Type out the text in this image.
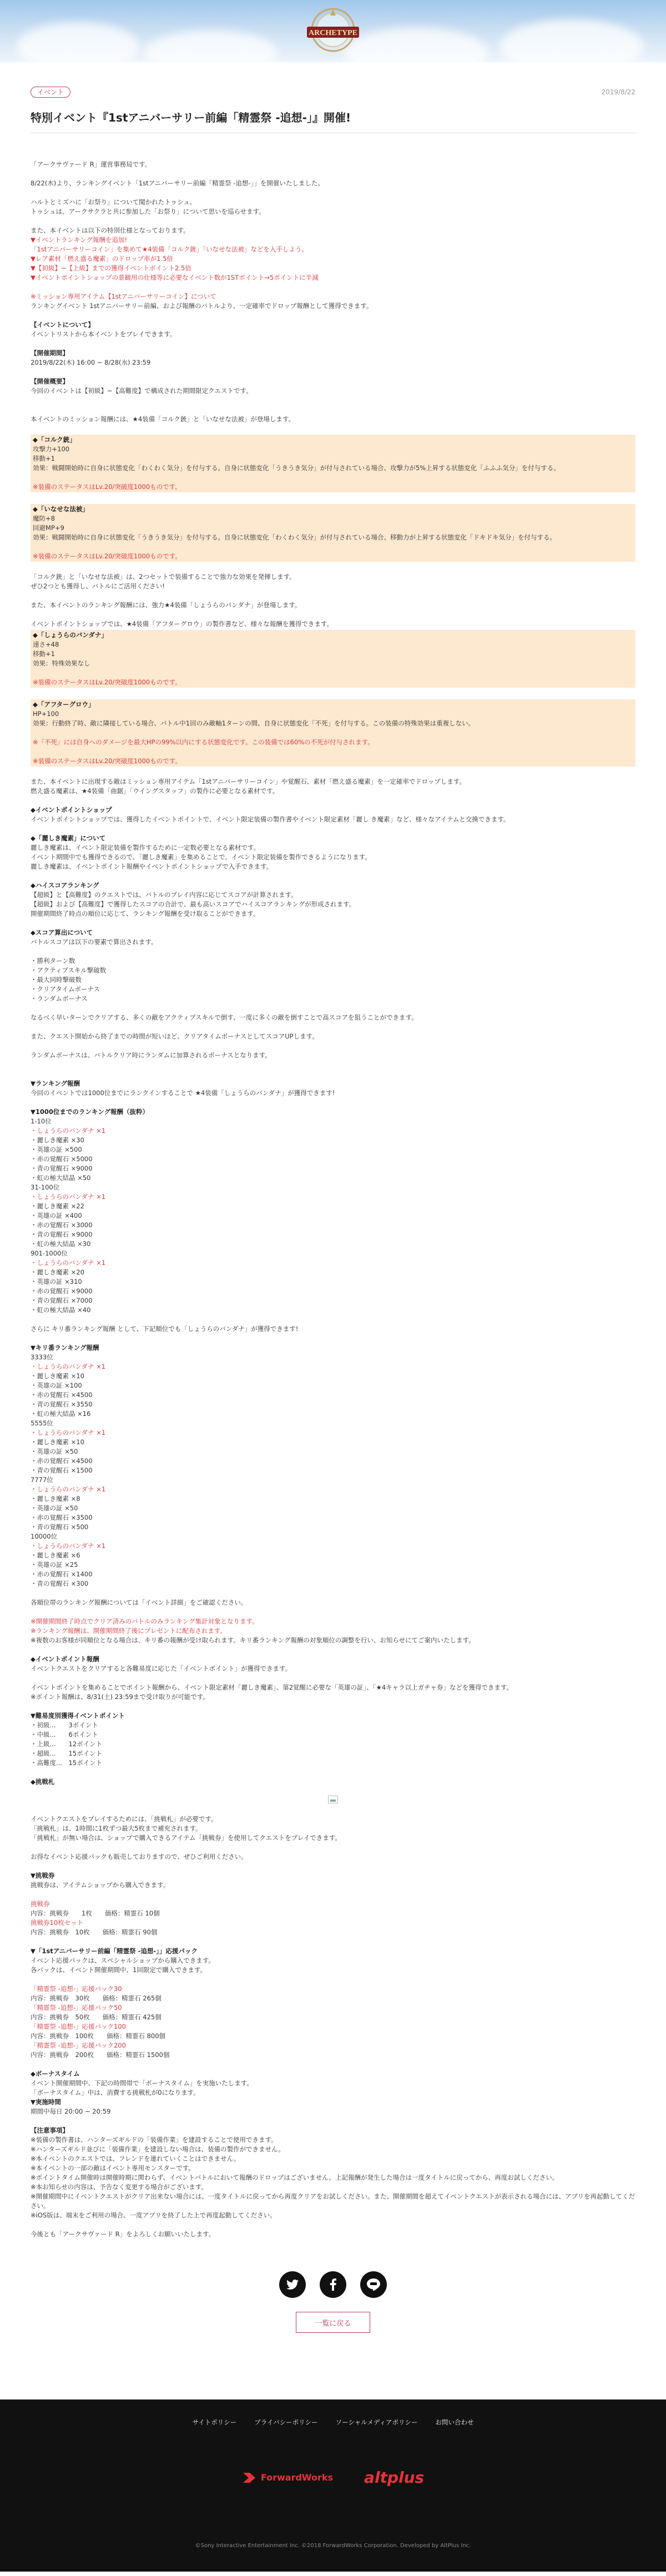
ARCHETYPE
イベント	2019/8/22
特別イベント『1stアニバーサリー前編「精霊祭 -追想-」』開催!
「アークサヴァード R」運営事務局です。
8/22(木)より、ランキングイベント「1stアニバーサリー前編「精霊祭 -追想-」」を開催いたしました。
ハルトとミズハに「お祭り」について聞かれたトゥシュ。
トゥシュは、アークサクラと共に参加した「お祭り」について思いを巡らせます。
また、本イベントは以下の特別仕様となっております。
▼イベントランキング報酬を追加!
「1stアニバーサリーコイン」を集めて★4装備「コルク銃」「いなせな法被」などを入手しよう。
▼レア素材「燃え盛る魔素」のドロップ率が1.5倍
▼【初級】~【上級】までの獲得イベントポイント2.5倍
▼イベントポイントショップの景観用の仕様等に必要なイベント数が1STポイント→5ポイントに半減
※ミッション専用アイテム【1stアニバーサリーコイン】について
ランキングイベント 1stアニバーサリー前編、および報酬のバトルより、一定確率でドロップ報酬として獲得できます。
【イベントについて】
イベントリストから本イベントをプレイできます。
【開催期間】
2019/8/22(木) 16:00 ~ 8/28(水) 23:59
【開催概要】
今回のイベントは【初級】~【高難度】で構成された期間限定クエストです。
本イベントのミッション報酬には、★4装備「コルク銃」と「いなせな法被」が登場します。
◆「コルク銃」
攻撃力+100
移動+1
効果：戦闘開始時に自身に状態変化「わくわく気分」を付与する。自身に状態変化「うきうき気分」が付与されている場合、攻撃力が5%上昇する状態変化「ふふふ気分」を付与する。
※装備のステータスはLv.20/突破度1000ものです。
◆「いなせな法被」
魔防+8
回避MP+9
効果：戦闘開始時に自身に状態変化「うきうき気分」を付与する。自身に状態変化「わくわく気分」が付与されている場合、移動力が上昇する状態変化「ドキドキ気分」を付与する。
※装備のステータスはLv.20/突破度1000ものです。
「コルク銃」と「いなせな法被」は、2つセットで装備することで強力な効果を発揮します。
ぜひ2つとも獲得し、バトルにご活用ください!
また、本イベントのランキング報酬には、強力★4装備「しょうらのパンダナ」が登場します。
イベントポイントショップでは、★4装備「アフターグロウ」の製作書など、様々な報酬を獲得できます。
◆「しょうらのバンダナ」
速さ+48
移動+1
効果：特殊効果なし
※装備のステータスはLv.20/突破度1000ものです。
◆「アフターグロウ」
HP+100
効果：行動終了時、敵に隣接している場合、バトル中1回のみ敵軸1ターンの間、自身に状態変化「不死」を付与する。この装備の特殊効果は重複しない。
※「不死」には自身へのダメージを最大HPの99%以内にする状態変化です。この装備では60%の不死が付与されます。
※装備のステータスはLv.20/突破度1000ものです。
また、本イベントに出現する敵はミッション専用アイテム「1stアニバーサリーコイン」や覚醒石、素材「燃え盛る魔素」を一定確率でドロップします。
燃え盛る魔素は、★4装備「曲鋸」「ウイングスタッフ」の製作に必要となる素材です。
◆イベントポイントショップ
イベントポイントショップでは、獲得したイベントポイントで、イベント限定装備の製作書やイベント限定素材「麗し き魔素」など、様々なアイテムと交換できます。
◆「麗しき魔素」について
麗しき魔素は、イベント限定装備を製作するために一定数必要となる素材です。
イベント期間中でも獲得できるので、「麗しき魔素」を集めることで、イベント限定装備を製作できるようになります。
麗しき魔素は、イベントポイント報酬やイベントポイントショップで入手できます。
◆ハイスコアランキング
【超級】と【高難度】のクエストでは、バトルのプレイ内容に応じてスコアが計算されます。
【超級】および【高難度】で獲得したスコアの合計で、最も高いスコアでハイスコアランキングが形成されます。
開催期間終了時点の順位に応じて、ランキング報酬を受け取ることができます。
◆スコア算出について
バトルスコアは以下の要素で算出されます。
・勝利ターン数
・アクティブスキル撃破数
・最大同時撃破数
・クリアタイムボーナス
・ランダムボーナス
なるべく早いターンでクリアする、多くの敵をアクティブスキルで倒す、一度に多くの敵を倒すことで高スコアを狙うことができます。
また、クエスト開始から終了までの時間が短いほど、クリアタイムボーナスとしてスコアUPします。
ランダムボーナスは、バトルクリア時にランダムに加算されるボーナスとなります。
▼ランキング報酬
今回のイベントでは1000位までにランクインすることで ★4装備「しょうらのバンダナ」が獲得できます!
▼1000位までのランキング報酬（抜粋）
1-10位
・しょうらのバンダナ ×1
・麗しき魔素 ×30
・英雄の証 ×500
・赤の覚醒石 ×5000
・青の覚醒石 ×9000
・虹の極大結晶 ×50
31-100位
・しょうらのバンダナ ×1
・麗しき魔素 ×22
・英雄の証 ×400
・赤の覚醒石 ×3000
・青の覚醒石 ×9000
・虹の極大結晶 ×30
901-1000位
・しょうらのバンダナ ×1
・麗しき魔素 ×20
・英雄の証 ×310
・赤の覚醒石 ×9000
・青の覚醒石 ×7000
・虹の極大結晶 ×40
さらに キリ番ランキング報酬 として、下記順位でも「しょうらのバンダナ」が獲得できます!
▼キリ番ランキング報酬
3333位
・しょうらのバンダナ ×1
・麗しき魔素 ×10
・英雄の証 ×100
・赤の覚醒石 ×4500
・青の覚醒石 ×3550
・虹の極大結晶 ×16
5555位
・しょうらのバンダナ ×1
・麗しき魔素 ×10
・英雄の証 ×50
・赤の覚醒石 ×4500
・青の覚醒石 ×1500
7777位
・しょうらのバンダナ ×1
・麗しき魔素 ×8
・英雄の証 ×50
・赤の覚醒石 ×3500
・青の覚醒石 ×500
10000位
・しょうらのバンダナ ×1
・麗しき魔素 ×6
・英雄の証 ×25
・赤の覚醒石 ×1400
・青の覚醒石 ×300
各順位帯のランキング報酬については「イベント詳細」をご確認ください。
※開催期間終了時点でクリア済みのバトルのみランキング集計対象となります。
※ランキング報酬は、開催期間終了後にプレゼントに配布されます。
※複数のお客様が同順位となる場合は、キリ番の報酬が受け取られます。キリ番ランキング報酬の対象順位の調整を行い、お知らせにてご案内いたします。
◆イベントポイント報酬
イベントクエストをクリアすると各難易度に応じた「イベントポイント」が獲得できます。
イベントポイントを集めることでポイント報酬から、イベント限定素材「麗しき魔素」、第2覚醒に必要な「英雄の証」、「★4キャラ以上ガチャ券」などを獲得できます。
※ポイント報酬は、8/31(土) 23:59まで受け取りが可能です。
▼難易度別獲得イベントポイント
・初級...　　3ポイント
・中級...　　6ポイント
・上級...　　12ポイント
・超級...　　15ポイント
・高難度...　15ポイント
◆挑戦札
イベントクエストをプレイするためには、「挑戦札」が必要です。
「挑戦札」は、1時間に1枚ずつ最大5枚まで補充されます。
「挑戦札」が無い場合は、ショップで購入できるアイテム「挑戦券」を使用してクエストをプレイできます。
お得なイベント応援パックも販売しておりますので、ぜひご利用ください。
▼挑戦券
挑戦券は、アイテムショップから購入できます。
挑戦券
内容：挑戦券　　1枚　　価格：精霊石 10個
挑戦券10枚セット
内容：挑戦券　10枚　　価格：精霊石 90個
▼「1stアニバーサリー前編「精霊祭 -追想-」」応援パック
イベント応援パックは、スペシャルショップから購入できます。
各パックは、イベント開催期間中、1回限定で購入できます。
「精霊祭 -追想-」応援パック30
内容：挑戦券　30枚　　価格：精霊石 265個
「精霊祭 -追想-」応援パック50
内容：挑戦券　50枚　　価格：精霊石 425個
「精霊祭 -追想-」応援パック100
内容：挑戦券　100枚　　価格：精霊石 800個
「精霊祭 -追想-」応援パック200
内容：挑戦券　200枚　　価格：精霊石 1500個
◆ボーナスタイム
イベント開催期間中、下記の時間帯で「ボーナスタイム」を実施いたします。
「ボーナスタイム」中は、消費する挑戦札が0になります。
▼実施時間
期間中毎日 20:00 ~ 20:59
【注意事項】
※装備の製作書は、ハンターズギルドの「装備作業」を建設することで使用できます。
※ハンターズギルド並びに「装備作業」を建設しない場合は、装備の製作ができません。
※本イベントのクエストでは、フレンドを連れていくことはできません。
※本イベントの一部の敵はイベント専用モンスターです。
※ポイントタイム開催時は開催時期に関わらず、イベントバトルにおいて報酬のドロップはございません。上記報酬が発生した場合は一度タイトルに戻ってから、再度お試しください。
※本お知らせの内容は、予告なく変更する場合がございます。
※開催期間中にイベントクエストがクリア出来ない場合には、一度タイトルに戻ってから再度クリアをお試しください。また、開催期間を超えてイベントクエストが表示される場合には、アプリを再起動してください。
※iOS版は、端末をご利用の場合、一度アプリを終了した上で再度起動してください。
今後とも「アークサヴァード R」をよろしくお願いいたします。
一覧に戻る
サイトポリシー	プライバシーポリシー	ソーシャルメディアポリシー	お問い合わせ
ForwardWorks altplus
©Sony Interactive Entertainment Inc. ©2018 ForwardWorks Corporation. Developed by AltPlus Inc.
